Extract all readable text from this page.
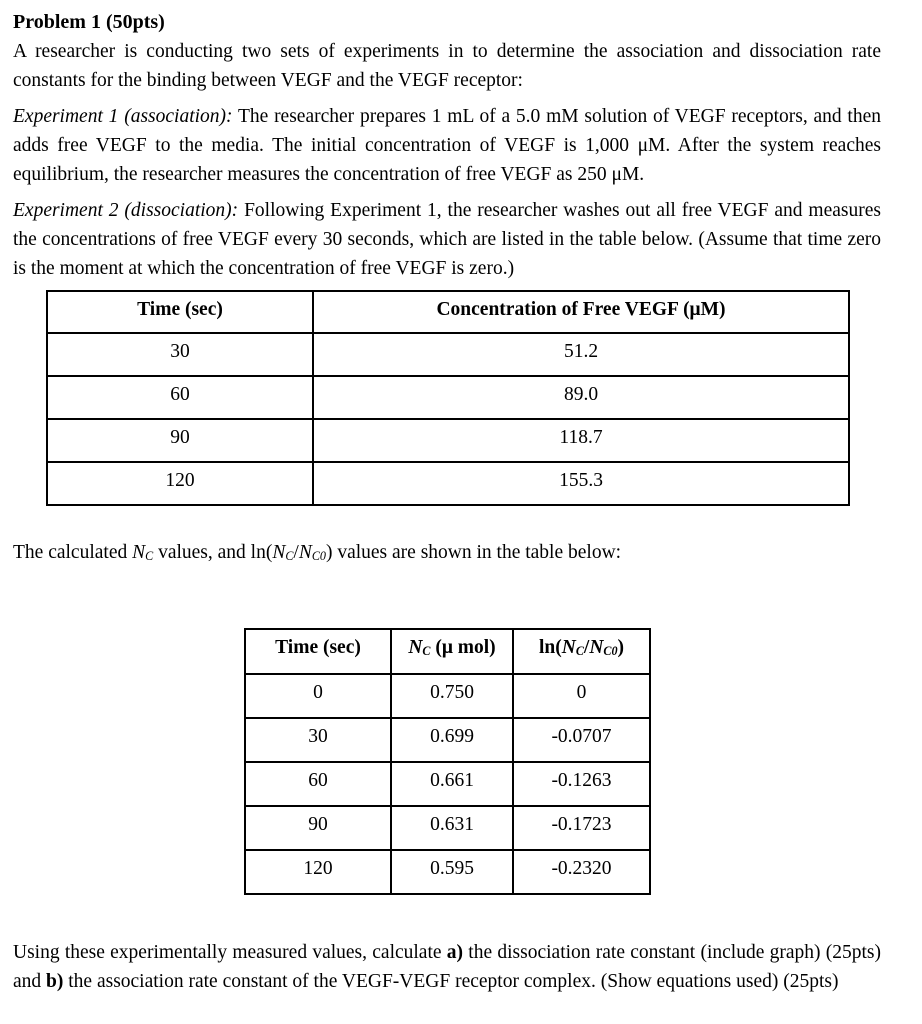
Problem 1 (50pts)

A researcher is conducting two sets of experiments in to determine the association and dissociation rate constants for the binding between VEGF and the VEGF receptor:

Experiment 1 (association): The researcher prepares 1 mL of a 5.0 mM solution of VEGF receptors, and then adds free VEGF to the media. The initial concentration of VEGF is 1,000 μM. After the system reaches equilibrium, the researcher measures the concentration of free VEGF as 250 μM.

Experiment 2 (dissociation): Following Experiment 1, the researcher washes out all free VEGF and measures the concentrations of free VEGF every 30 seconds, which are listed in the table below. (Assume that time zero is the moment at which the concentration of free VEGF is zero.)

Time (sec)	Concentration of Free VEGF (μM)
30	51.2
60	89.0
90	118.7
120	155.3

The calculated NC values, and ln(NC/NC0) values are shown in the table below:

Time (sec)	NC (μ mol)	ln(NC/NC0)
0	0.750	0
30	0.699	-0.0707
60	0.661	-0.1263
90	0.631	-0.1723
120	0.595	-0.2320

Using these experimentally measured values, calculate a) the dissociation rate constant (include graph) (25pts) and b) the association rate constant of the VEGF-VEGF receptor complex. (Show equations used) (25pts)
